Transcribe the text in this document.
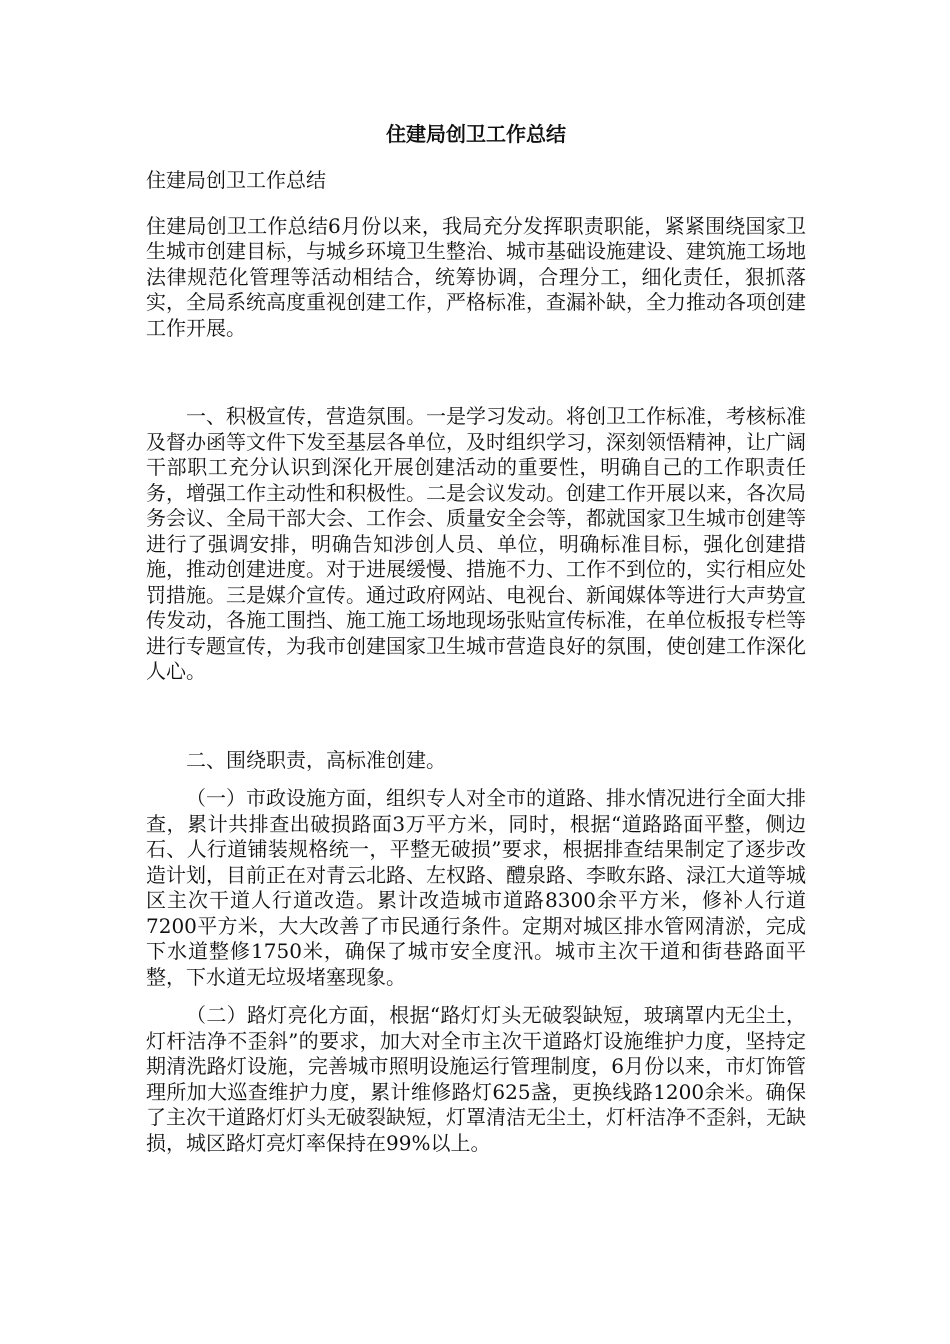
住建局创卫工作总结

住建局创卫工作总结

住建局创卫工作总结6月份以来，我局充分发挥职责职能，紧紧围绕国家卫生城市创建目标，与城乡环境卫生整治、城市基础设施建设、建筑施工场地法律规范化管理等活动相结合，统筹协调，合理分工，细化责任，狠抓落实，全局系统高度重视创建工作，严格标准，查漏补缺，全力推动各项创建工作开展。

一、积极宣传，营造氛围。一是学习发动。将创卫工作标准，考核标准及督办函等文件下发至基层各单位，及时组织学习，深刻领悟精神，让广阔干部职工充分认识到深化开展创建活动的重要性，明确自己的工作职责任务，增强工作主动性和积极性。二是会议发动。创建工作开展以来，各次局务会议、全局干部大会、工作会、质量安全会等，都就国家卫生城市创建等进行了强调安排，明确告知涉创人员、单位，明确标准目标，强化创建措施，推动创建进度。对于进展缓慢、措施不力、工作不到位的，实行相应处罚措施。三是媒介宣传。通过政府网站、电视台、新闻媒体等进行大声势宣传发动，各施工围挡、施工施工场地现场张贴宣传标准，在单位板报专栏等进行专题宣传，为我市创建国家卫生城市营造良好的氛围，使创建工作深化人心。

二、围绕职责，高标准创建。

（一）市政设施方面，组织专人对全市的道路、排水情况进行全面大排查，累计共排查出破损路面3万平方米，同时，根据“道路路面平整，侧边石、人行道铺装规格统一，平整无破损”要求，根据排查结果制定了逐步改造计划，目前正在对青云北路、左权路、醴泉路、李畋东路、渌江大道等城区主次干道人行道改造。累计改造城市道路8300余平方米，修补人行道7200平方米，大大改善了市民通行条件。定期对城区排水管网清淤，完成下水道整修1750米，确保了城市安全度汛。城市主次干道和街巷路面平整，下水道无垃圾堵塞现象。

（二）路灯亮化方面，根据“路灯灯头无破裂缺短，玻璃罩内无尘土，灯杆洁净不歪斜”的要求，加大对全市主次干道路灯设施维护力度，坚持定期清洗路灯设施，完善城市照明设施运行管理制度，6月份以来，市灯饰管理所加大巡查维护力度，累计维修路灯625盏，更换线路1200余米。确保了主次干道路灯灯头无破裂缺短，灯罩清洁无尘土，灯杆洁净不歪斜，无缺损，城区路灯亮灯率保持在99%以上。
